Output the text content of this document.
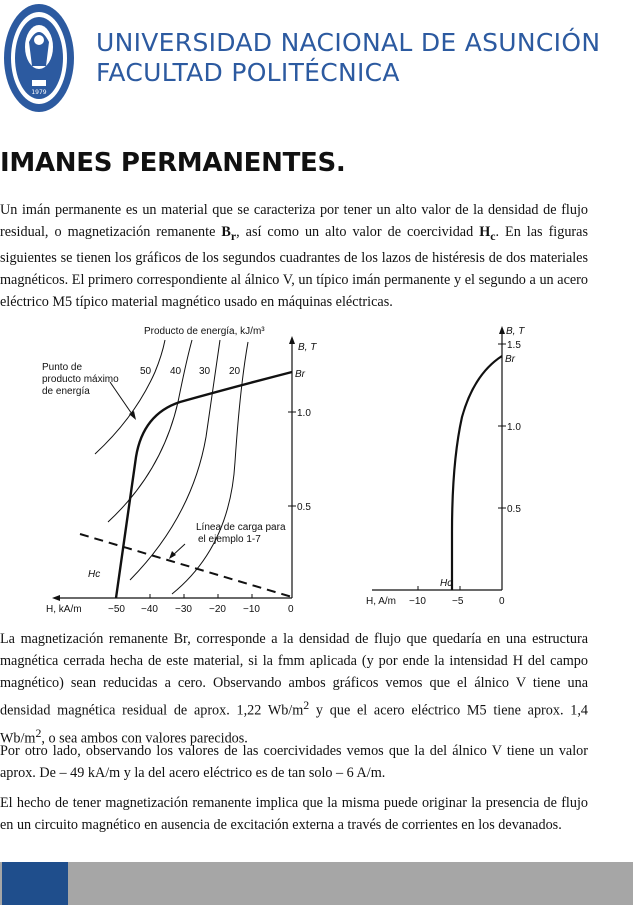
1979
UNIVERSIDAD NACIONAL DE ASUNCIÓN
FACULTAD POLITÉCNICA
IMANES PERMANENTES.
Un imán permanente es un material que se caracteriza por tener un alto valor de la densidad de flujo residual, o magnetización remanente $B_r$, así como un alto valor de coercividad $H_c$. En las figuras siguientes se tienen los gráficos de los segundos cuadrantes de los lazos de histéresis de dos materiales magnéticos. El primero correspondiente al álnico V, un típico imán permanente y el segundo a un acero eléctrico M5 típico material magnético usado en máquinas eléctricas.
Producto de energía, kJ/m³
50 40 30 20
Punto de
producto máximo
de energía
B, T
Br
1.0
0.5
Línea de carga para
el ejemplo 1-7
Hc
H, kA/m	−50 −40 −30 −20 −10	0
B, T
1.5
Br
1.0
0.5
Hc
H, A/m −10	−5	0
La magnetización remanente Br, corresponde a la densidad de flujo que quedaría en una estructura magnética cerrada hecha de este material, si la fmm aplicada (y por ende la intensidad H del campo magnético) sean reducidas a cero. Observando ambos gráficos vemos que el álnico V tiene una densidad magnética residual de aprox. 1,22 $Wb/m^2$ y que el acero eléctrico M5 tiene aprox. 1,4 $Wb/m^2$, o sea ambos con valores parecidos.
Por otro lado, observando los valores de las coercividades vemos que la del álnico V tiene un valor aprox. De – 49 kA/m y la del acero eléctrico es de tan solo – 6 A/m.
El hecho de tener magnetización remanente implica que la misma puede originar la presencia de flujo en un circuito magnético en ausencia de excitación externa a través de corrientes en los devanados.
